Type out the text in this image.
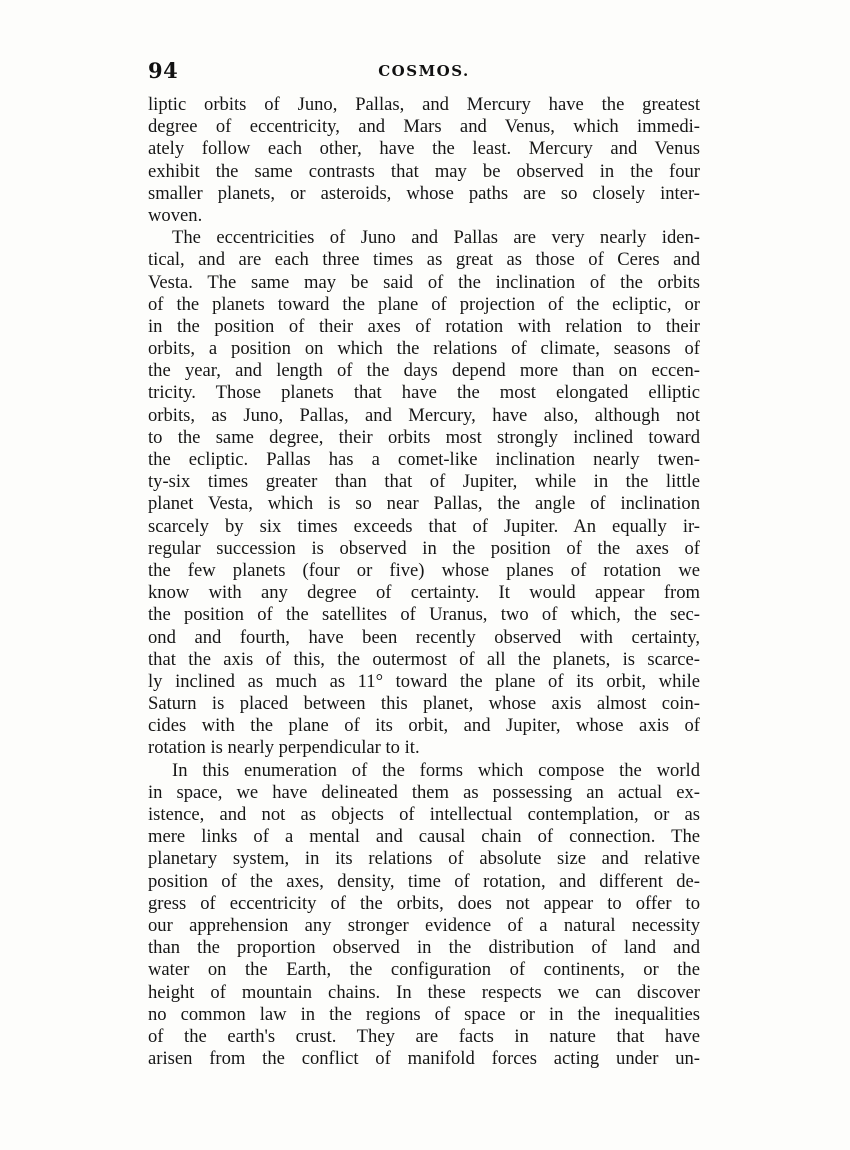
94	COSMOS.
liptic orbits of Juno, Pallas, and Mercury have the greatest
degree of eccentricity, and Mars and Venus, which immedi-
ately follow each other, have the least. Mercury and Venus
exhibit the same contrasts that may be observed in the four
smaller planets, or asteroids, whose paths are so closely inter-
woven.
The eccentricities of Juno and Pallas are very nearly iden-
tical, and are each three times as great as those of Ceres and
Vesta. The same may be said of the inclination of the orbits
of the planets toward the plane of projection of the ecliptic, or
in the position of their axes of rotation with relation to their
orbits, a position on which the relations of climate, seasons of
the year, and length of the days depend more than on eccen-
tricity. Those planets that have the most elongated elliptic
orbits, as Juno, Pallas, and Mercury, have also, although not
to the same degree, their orbits most strongly inclined toward
the ecliptic. Pallas has a comet-like inclination nearly twen-
ty-six times greater than that of Jupiter, while in the little
planet Vesta, which is so near Pallas, the angle of inclination
scarcely by six times exceeds that of Jupiter. An equally ir-
regular succession is observed in the position of the axes of
the few planets (four or five) whose planes of rotation we
know with any degree of certainty. It would appear from
the position of the satellites of Uranus, two of which, the sec-
ond and fourth, have been recently observed with certainty,
that the axis of this, the outermost of all the planets, is scarce-
ly inclined as much as 11° toward the plane of its orbit, while
Saturn is placed between this planet, whose axis almost coin-
cides with the plane of its orbit, and Jupiter, whose axis of
rotation is nearly perpendicular to it.
In this enumeration of the forms which compose the world
in space, we have delineated them as possessing an actual ex-
istence, and not as objects of intellectual contemplation, or as
mere links of a mental and causal chain of connection. The
planetary system, in its relations of absolute size and relative
position of the axes, density, time of rotation, and different de-
gress of eccentricity of the orbits, does not appear to offer to
our apprehension any stronger evidence of a natural necessity
than the proportion observed in the distribution of land and
water on the Earth, the configuration of continents, or the
height of mountain chains. In these respects we can discover
no common law in the regions of space or in the inequalities
of the earth's crust. They are facts in nature that have
arisen from the conflict of manifold forces acting under un-
